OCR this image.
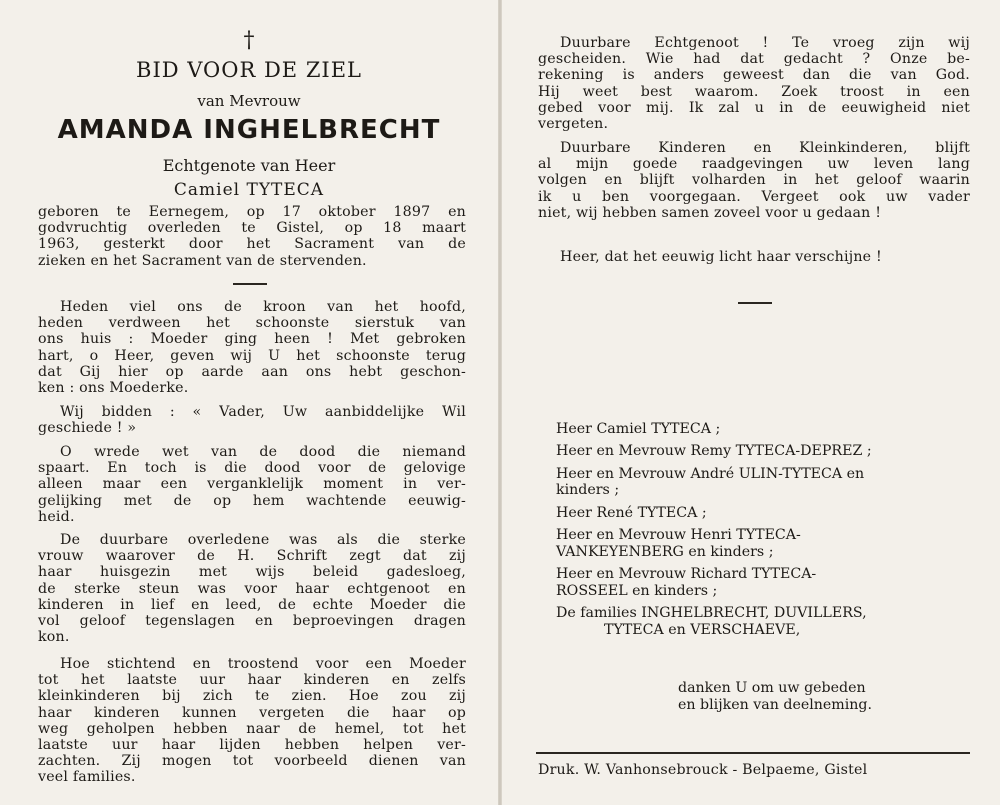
†
BID VOOR DE ZIEL
van Mevrouw
AMANDA INGHELBRECHT
Echtgenote van Heer
Camiel TYTECA
geboren te Eernegem, op 17 oktober 1897 en
godvruchtig overleden te Gistel, op 18 maart
1963, gesterkt door het Sacrament van de
zieken en het Sacrament van de stervenden.
Heden viel ons de kroon van het hoofd,
heden verdween het schoonste sierstuk van
ons huis : Moeder ging heen ! Met gebroken
hart, o Heer, geven wij U het schoonste terug
dat Gij hier op aarde aan ons hebt geschon-
ken : ons Moederke.
Wij bidden : « Vader, Uw aanbiddelijke Wil
geschiede ! »
O wrede wet van de dood die niemand
spaart. En toch is die dood voor de gelovige
alleen maar een verganklelijk moment in ver-
gelijking met de op hem wachtende eeuwig-
heid.
De duurbare overledene was als die sterke
vrouw waarover de H. Schrift zegt dat zij
haar huisgezin met wijs beleid gadesloeg,
de sterke steun was voor haar echtgenoot en
kinderen in lief en leed, de echte Moeder die
vol geloof tegenslagen en beproevingen dragen
kon.
Hoe stichtend en troostend voor een Moeder
tot het laatste uur haar kinderen en zelfs
kleinkinderen bij zich te zien. Hoe zou zij
haar kinderen kunnen vergeten die haar op
weg geholpen hebben naar de hemel, tot het
laatste uur haar lijden hebben helpen ver-
zachten. Zij mogen tot voorbeeld dienen van
veel families.
Duurbare Echtgenoot ! Te vroeg zijn wij
gescheiden. Wie had dat gedacht ? Onze be-
rekening is anders geweest dan die van God.
Hij weet best waarom. Zoek troost in een
gebed voor mij. Ik zal u in de eeuwigheid niet
vergeten.
Duurbare Kinderen en Kleinkinderen, blijft
al mijn goede raadgevingen uw leven lang
volgen en blijft volharden in het geloof waarin
ik u ben voorgegaan. Vergeet ook uw vader
niet, wij hebben samen zoveel voor u gedaan !
Heer, dat het eeuwig licht haar verschijne !
Heer Camiel TYTECA ;
Heer en Mevrouw Remy TYTECA-DEPREZ ;
Heer en Mevrouw André ULIN-TYTECA en
kinders ;
Heer René TYTECA ;
Heer en Mevrouw Henri TYTECA-
VANKEYENBERG en kinders ;
Heer en Mevrouw Richard TYTECA-
ROSSEEL en kinders ;
De families INGHELBRECHT, DUVILLERS,
TYTECA en VERSCHAEVE,
danken U om uw gebeden
en blijken van deelneming.
Druk. W. Vanhonsebrouck - Belpaeme, Gistel
